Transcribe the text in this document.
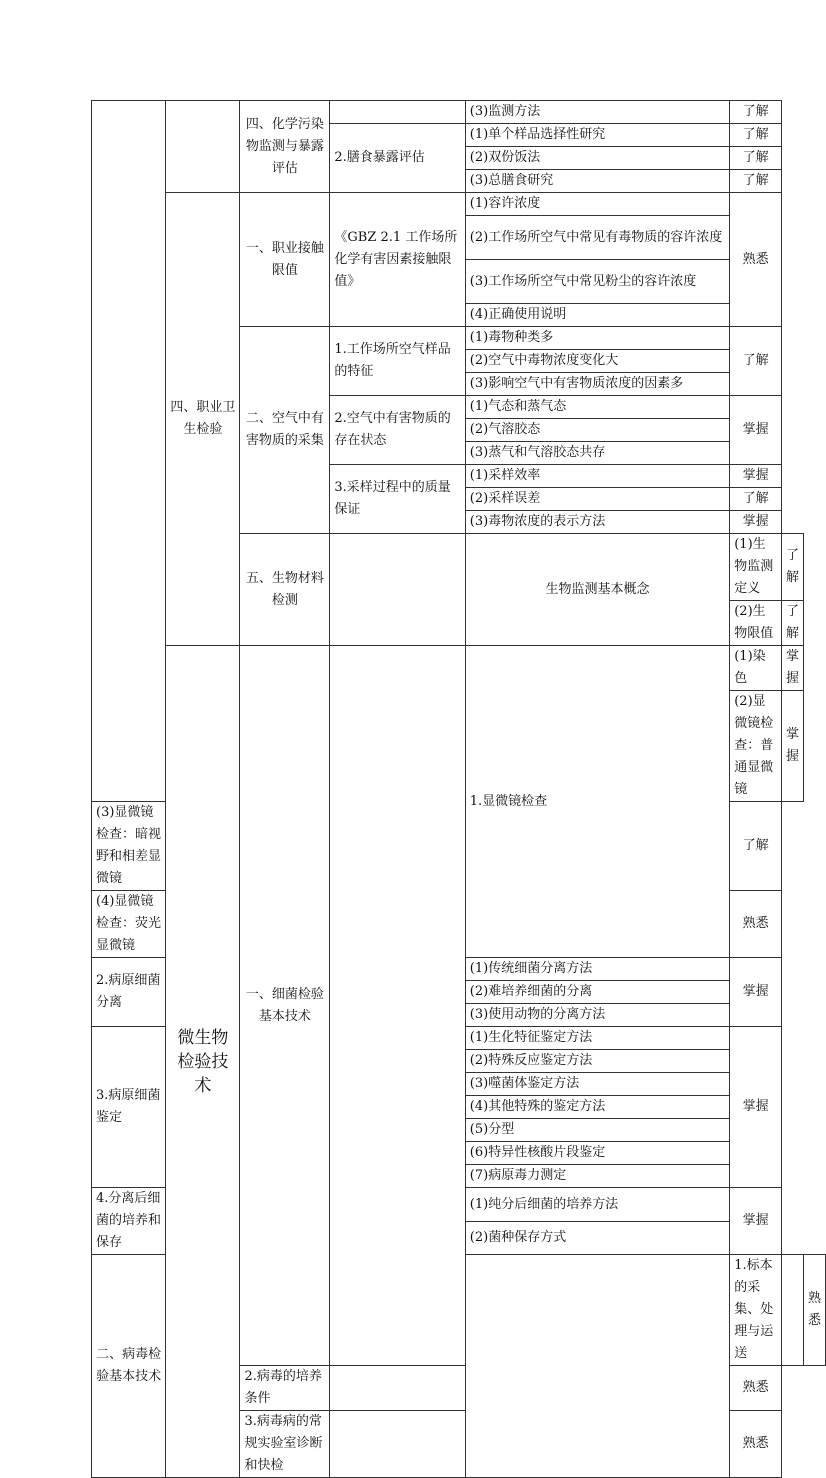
		四、化学污染物监测与暴露评估		(3)监测方法	了解		
			2.膳食暴露评估	(1)单个样品选择性研究	了解		
				(2)双份饭法	了解		
				(3)总膳食研究	了解		
	四、职业卫生检验	一、职业接触限值	《GBZ 2.1 工作场所化学有害因素接触限值》	(1)容许浓度	熟悉		
				(2)工作场所空气中常见有毒物质的容许浓度			
				(3)工作场所空气中常见粉尘的容许浓度			
				(4)正确使用说明			
		二、空气中有害物质的采集	1.工作场所空气样品的特征	(1)毒物种类多	了解		
				(2)空气中毒物浓度变化大			
				(3)影响空气中有害物质浓度的因素多			
			2.空气中有害物质的存在状态	(1)气态和蒸气态	掌握		
				(2)气溶胶态			
				(3)蒸气和气溶胶态共存			
			3.采样过程中的质量保证	(1)采样效率	掌握		
				(2)采样误差	了解		
				(3)毒物浓度的表示方法	掌握		
		五、生物材料检测		生物监测基本概念	(1)生物监测定义	了解	
					(2)生物限值	了解	
	微生物检验技术	一、细菌检验基本技术		1.显微镜检查	(1)染色	掌握	
					(2)显微镜检查：普通显微镜	掌握	
(3)显微镜检查：暗视野和相差显微镜					了解		
(4)显微镜检查：荧光显微镜					熟悉		
2.病原细菌分离				(1)传统细菌分离方法	掌握		
				(2)难培养细菌的分离			
				(3)使用动物的分离方法			
3.病原细菌鉴定				(1)生化特征鉴定方法	掌握		
				(2)特殊反应鉴定方法			
				(3)噬菌体鉴定方法			
				(4)其他特殊的鉴定方法			
				(5)分型			
				(6)特异性核酸片段鉴定			
				(7)病原毒力测定			
4.分离后细菌的培养和保存				(1)纯分后细菌的培养方法	掌握		
				(2)菌种保存方式			
二、病毒检验基本技术					1.标本的采集、处理与运送		熟悉
		2.病毒的培养条件			熟悉		
		3.病毒病的常规实验室诊断和快检			熟悉		
